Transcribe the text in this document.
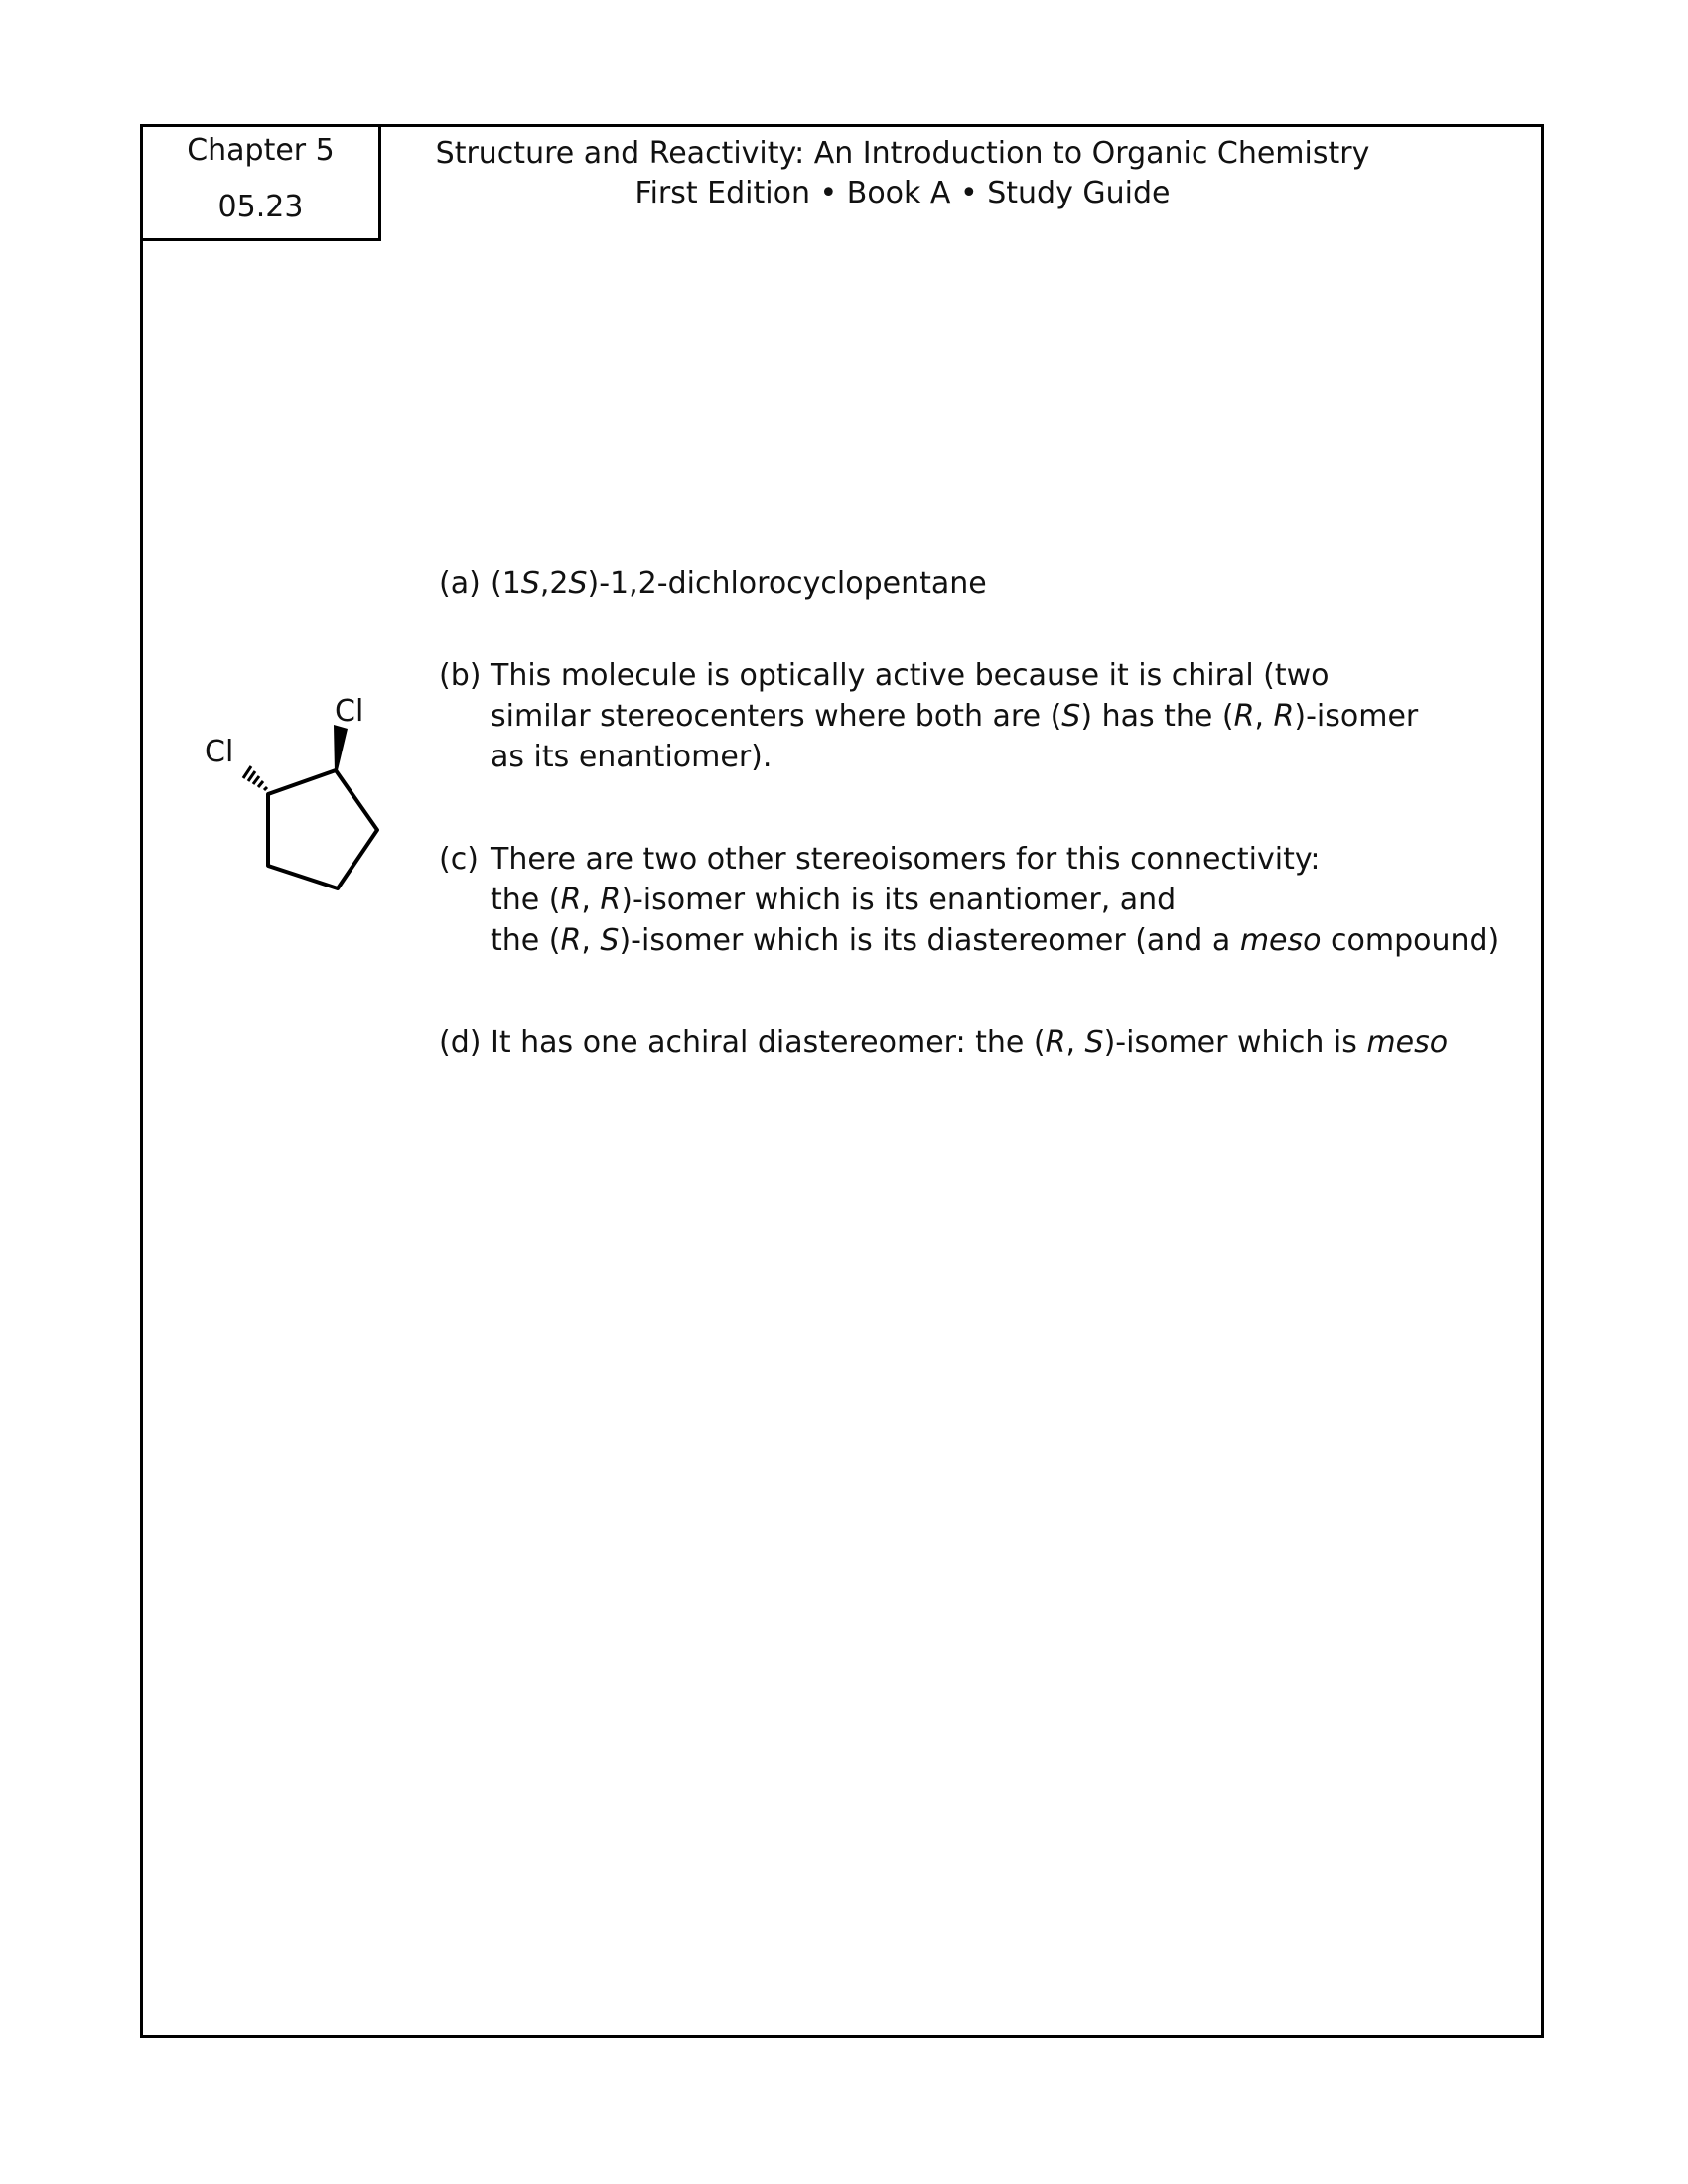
Chapter 5
05.23
Structure and Reactivity: An Introduction to Organic Chemistry
First Edition • Book A • Study Guide
Cl
Cl
(a) (1S,2S)-1,2-dichlorocyclopentane
(b) This molecule is optically active because it is chiral (two
similar stereocenters where both are (S) has the (R, R)-isomer
as its enantiomer).
(c) There are two other stereoisomers for this connectivity:
the (R, R)-isomer which is its enantiomer, and
the (R, S)-isomer which is its diastereomer (and a meso compound)
(d) It has one achiral diastereomer: the (R, S)-isomer which is meso
